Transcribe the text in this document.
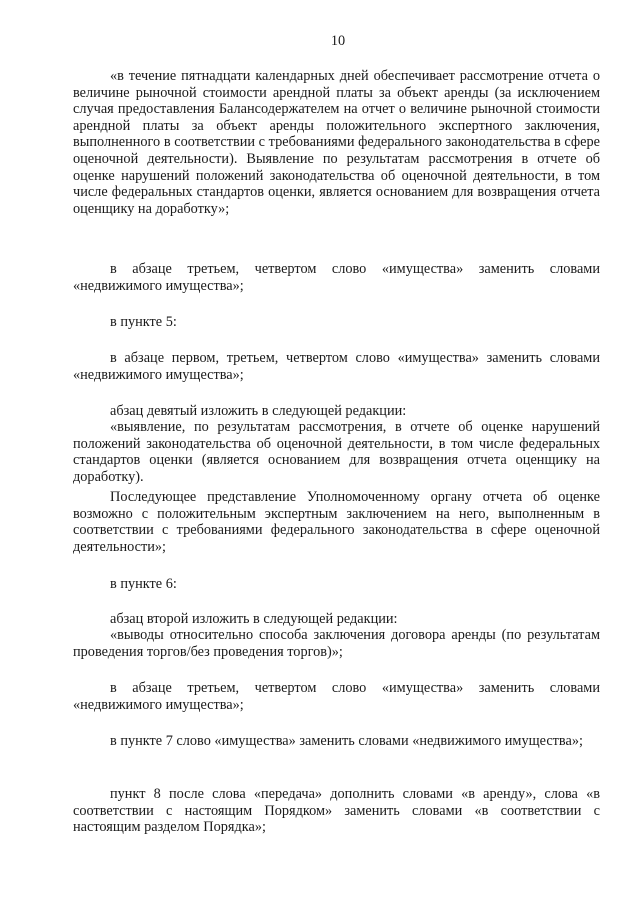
10

«в течение пятнадцати календарных дней обеспечивает рассмотрение отчета о величине рыночной стоимости арендной платы за объект аренды (за исключением случая предоставления Балансодержателем на отчет о величине рыночной стоимости арендной платы за объект аренды положительного экспертного заключения, выполненного в соответствии с требованиями федерального законодательства в сфере оценочной деятельности). Выявление по результатам рассмотрения в отчете об оценке нарушений положений законодательства об оценочной деятельности, в том числе федеральных стандартов оценки, является основанием для возвращения отчета оценщику на доработку»;

в абзаце третьем, четвертом слово «имущества» заменить словами «недвижимого имущества»;

в пункте 5:

в абзаце первом, третьем, четвертом слово «имущества» заменить словами «недвижимого имущества»;

абзац девятый изложить в следующей редакции:

«выявление, по результатам рассмотрения, в отчете об оценке нарушений положений законодательства об оценочной деятельности, в том числе федеральных стандартов оценки (является основанием для возвращения отчета оценщику на доработку).

Последующее представление Уполномоченному органу отчета об оценке возможно с положительным экспертным заключением на него, выполненным в соответствии с требованиями федерального законодательства в сфере оценочной деятельности»;

в пункте 6:

абзац второй изложить в следующей редакции:

«выводы относительно способа заключения договора аренды (по результатам проведения торгов/без проведения торгов)»;

в абзаце третьем, четвертом слово «имущества» заменить словами «недвижимого имущества»;

в пункте 7 слово «имущества» заменить словами «недвижимого имущества»;

пункт 8 после слова «передача» дополнить словами «в аренду», слова «в соответствии с настоящим Порядком» заменить словами «в соответствии с настоящим разделом Порядка»;
